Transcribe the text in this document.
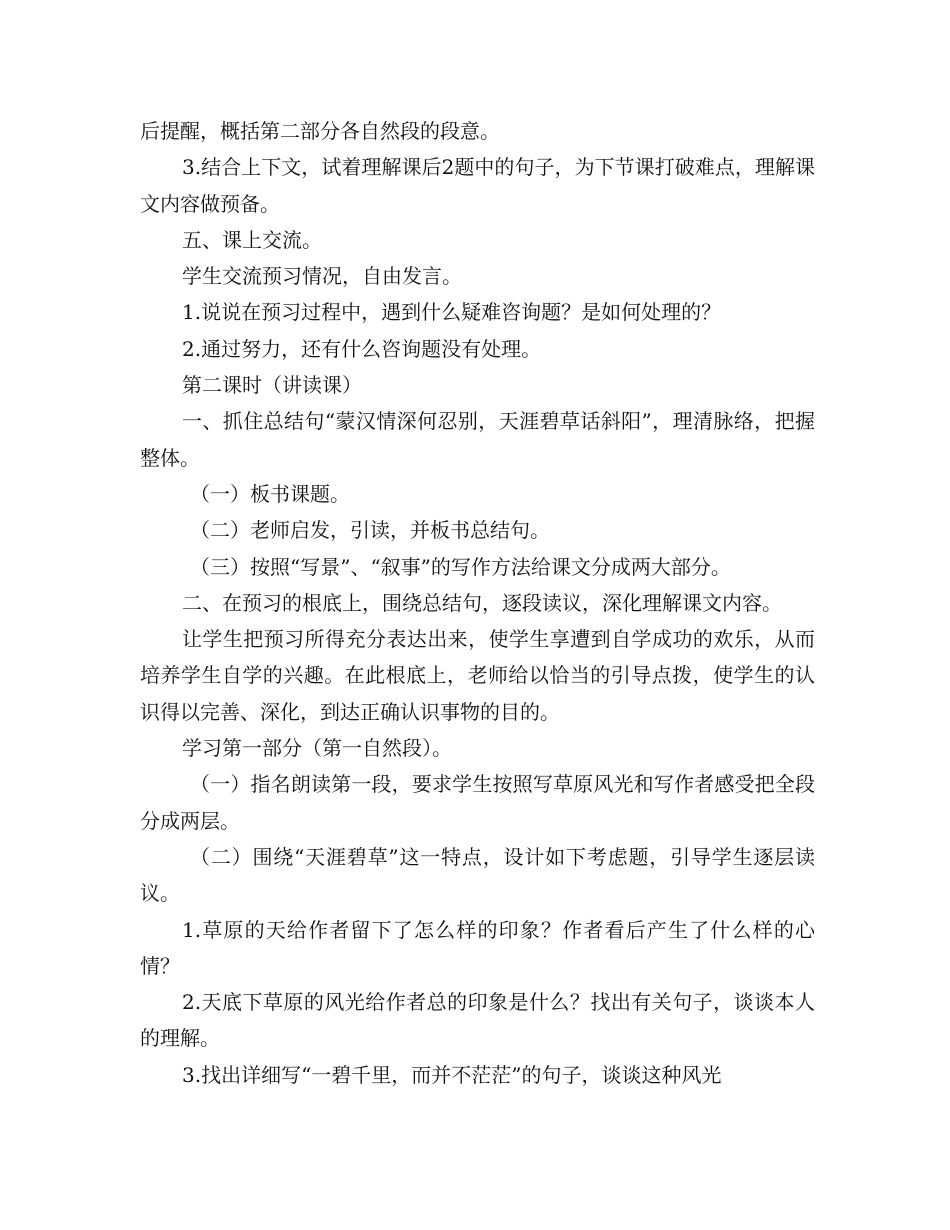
后提醒，概括第二部分各自然段的段意。

3.结合上下文，试着理解课后2题中的句子，为下节课打破难点，理解课文内容做预备。

五、课上交流。

学生交流预习情况，自由发言。

1.说说在预习过程中，遇到什么疑难咨询题？是如何处理的？

2.通过努力，还有什么咨询题没有处理。

第二课时（讲读课）

一、抓住总结句“蒙汉情深何忍别，天涯碧草话斜阳”，理清脉络，把握整体。

（一）板书课题。

（二）老师启发，引读，并板书总结句。

（三）按照“写景”、“叙事”的写作方法给课文分成两大部分。

二、在预习的根底上，围绕总结句，逐段读议，深化理解课文内容。

让学生把预习所得充分表达出来，使学生享遭到自学成功的欢乐，从而培养学生自学的兴趣。在此根底上，老师给以恰当的引导点拨，使学生的认识得以完善、深化，到达正确认识事物的目的。

学习第一部分（第一自然段）。

（一）指名朗读第一段，要求学生按照写草原风光和写作者感受把全段分成两层。

（二）围绕“天涯碧草”这一特点，设计如下考虑题，引导学生逐层读议。

1.草原的天给作者留下了怎么样的印象？作者看后产生了什么样的心情？

2.天底下草原的风光给作者总的印象是什么？找出有关句子，谈谈本人的理解。

3.找出详细写“一碧千里，而并不茫茫”的句子，谈谈这种风光
